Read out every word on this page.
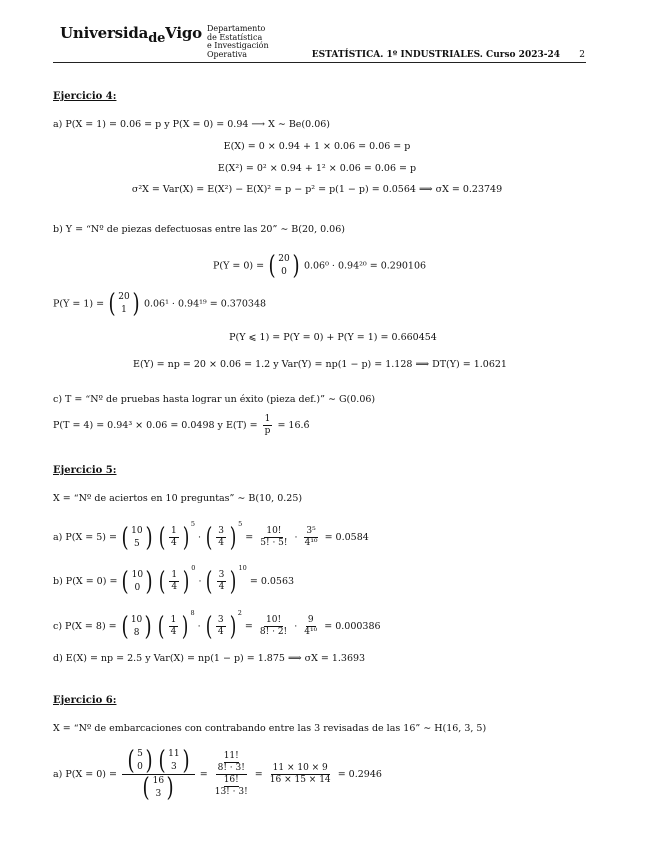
UniversidadeVigo Departamento
de Estatística
e Investigación
Operativa	ESTATÍSTICA. 1º INDUSTRIALES. Curso 2023-24 2
Ejercicio 4:
a) P(X = 1) = 0.06 = p y P(X = 0) = 0.94 ⟶ X ∼ Be(0.06)
E(X) = 0 × 0.94 + 1 × 0.06 = 0.06 = p
E(X²) = 0² × 0.94 + 1² × 0.06 = 0.06 = p
σ²X = Var(X) = E(X²) − E(X)² = p − p² = p(1 − p) = 0.0564 ⟹ σX = 0.23749
b) Y = “Nº de piezas defectuosas entre las 20” ∼ B(20, 0.06)
P(Y = 0) = ( 20
0 ) 0.06⁰ · 0.94²⁰ = 0.290106
P(Y = 1) = ( 20
1 ) 0.06¹ · 0.94¹⁹ = 0.370348
P(Y ⩽ 1) = P(Y = 0) + P(Y = 1) = 0.660454
E(Y) = np = 20 × 0.06 = 1.2 y Var(Y) = np(1 − p) = 1.128 ⟹ DT(Y) = 1.0621
c) T = “Nº de pruebas hasta lograr un éxito (pieza def.)” ∼ G(0.06)
P(T = 4) = 0.94³ × 0.06 = 0.0498 y $E(T) = \frac{1}{p}$ = 16.6̂
Ejercicio 5:
X = “Nº de aciertos en 10 preguntas” ∼ B(10, 0.25)
a) P(X = 5) = ( 10
5 ) ( $\frac{1}{4}$ ) $^5$ · ( $\frac{3}{4}$ ) $^5 = \frac{10!}{5! \cdot 5!} \cdot \frac{\text{3⁵}}{\text{4¹⁰}} = 0.0584$
b) P(X = 0) = ( 10
0 ) ( $\frac{1}{4}$ ) $^0$ · ( $\frac{3}{4}$ ) $^{10}$ = 0.0563
c) P(X = 8) = ( 10
8 ) ( $\frac{1}{4}$ ) $^8$ · ( $\frac{3}{4}$ ) $^2 = \frac{10!}{8! \cdot 2!} \cdot \frac{9}{\text{4¹⁰}} = 0.000386$
d) E(X) = np = 2.5 y Var(X) = np(1 − p) = 1.875 ⟹ σX = 1.3693
Ejercicio 6:
X = “Nº de embarcaciones con contrabando entre las 3 revisadas de las 16” ∼ H(16, 3, 5)
a) P(X = 0) = ( 5
0 )
( 11
3 )
( 16
3 ) = 11!
8! · 3!
16!
13! · 3! = $\frac{11 \times 10 \times 9}{16 \times 15 \times 14} = 0.2946$
